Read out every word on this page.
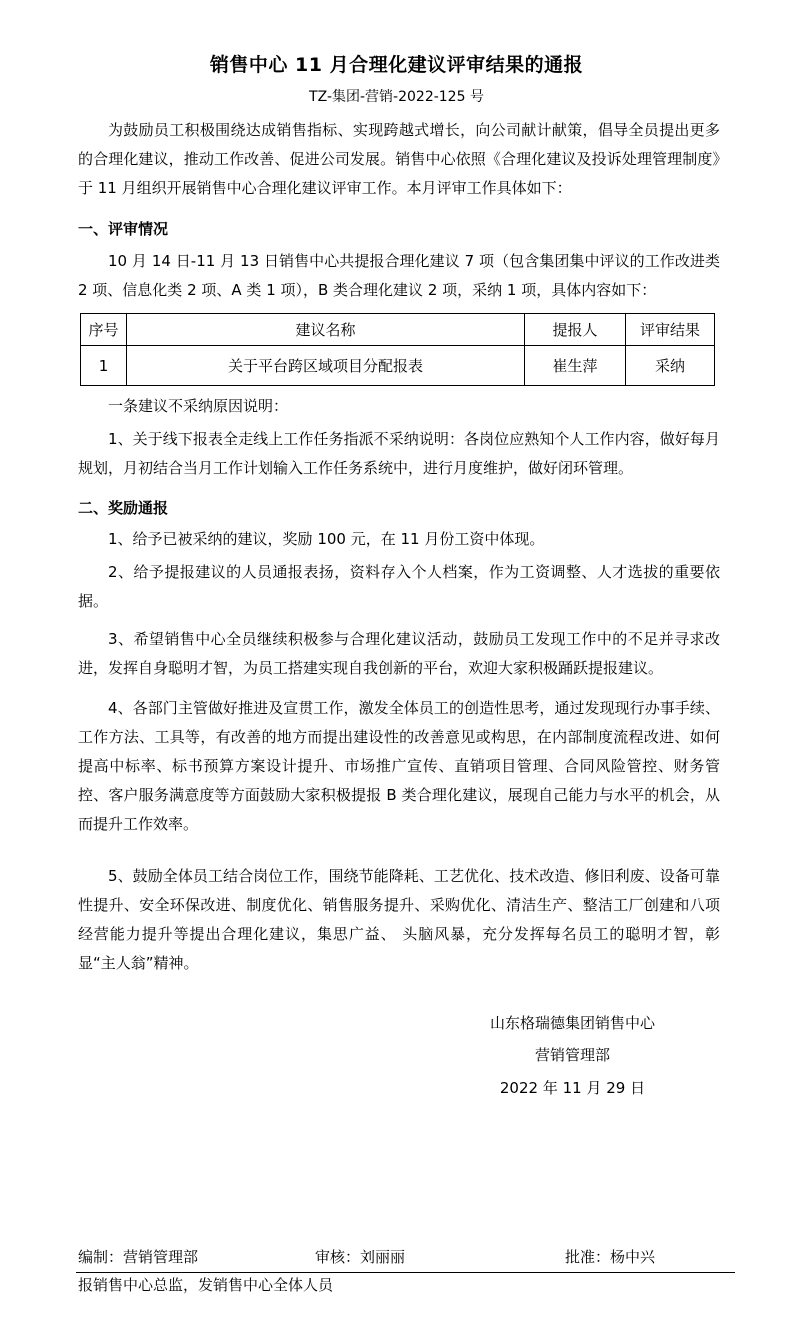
销售中心 11 月合理化建议评审结果的通报
TZ-集团-营销-2022-125 号

为鼓励员工积极围绕达成销售指标、实现跨越式增长，向公司献计献策，倡导全员提出更多的合理化建议，推动工作改善、促进公司发展。销售中心依照《合理化建议及投诉处理管理制度》于 11 月组织开展销售中心合理化建议评审工作。本月评审工作具体如下：

一、评审情况

10 月 14 日-11 月 13 日销售中心共提报合理化建议 7 项（包含集团集中评议的工作改进类 2 项、信息化类 2 项、A 类 1 项），B 类合理化建议 2 项，采纳 1 项，具体内容如下：

序号	建议名称	提报人	评审结果
1	关于平台跨区域项目分配报表	崔生萍	采纳

一条建议不采纳原因说明：

1、关于线下报表全走线上工作任务指派不采纳说明：各岗位应熟知个人工作内容，做好每月规划，月初结合当月工作计划输入工作任务系统中，进行月度维护，做好闭环管理。

二、奖励通报

1、给予已被采纳的建议，奖励 100 元，在 11 月份工资中体现。

2、给予提报建议的人员通报表扬，资料存入个人档案，作为工资调整、人才选拔的重要依据。

3、希望销售中心全员继续积极参与合理化建议活动，鼓励员工发现工作中的不足并寻求改进，发挥自身聪明才智，为员工搭建实现自我创新的平台，欢迎大家积极踊跃提报建议。

4、各部门主管做好推进及宣贯工作，激发全体员工的创造性思考，通过发现现行办事手续、工作方法、工具等，有改善的地方而提出建设性的改善意见或构思，在内部制度流程改进、如何提高中标率、标书预算方案设计提升、市场推广宣传、直销项目管理、合同风险管控、财务管控、客户服务满意度等方面鼓励大家积极提报 B 类合理化建议，展现自己能力与水平的机会，从而提升工作效率。

5、鼓励全体员工结合岗位工作，围绕节能降耗、工艺优化、技术改造、修旧利废、设备可靠性提升、安全环保改进、制度优化、销售服务提升、采购优化、清洁生产、整洁工厂创建和八项经营能力提升等提出合理化建议，集思广益、 头脑风暴，充分发挥每名员工的聪明才智，彰显“主人翁”精神。

山东格瑞德集团销售中心
营销管理部
2022 年 11 月 29 日
编制：营销管理部	审核：刘丽丽	批准：杨中兴
报销售中心总监，发销售中心全体人员
